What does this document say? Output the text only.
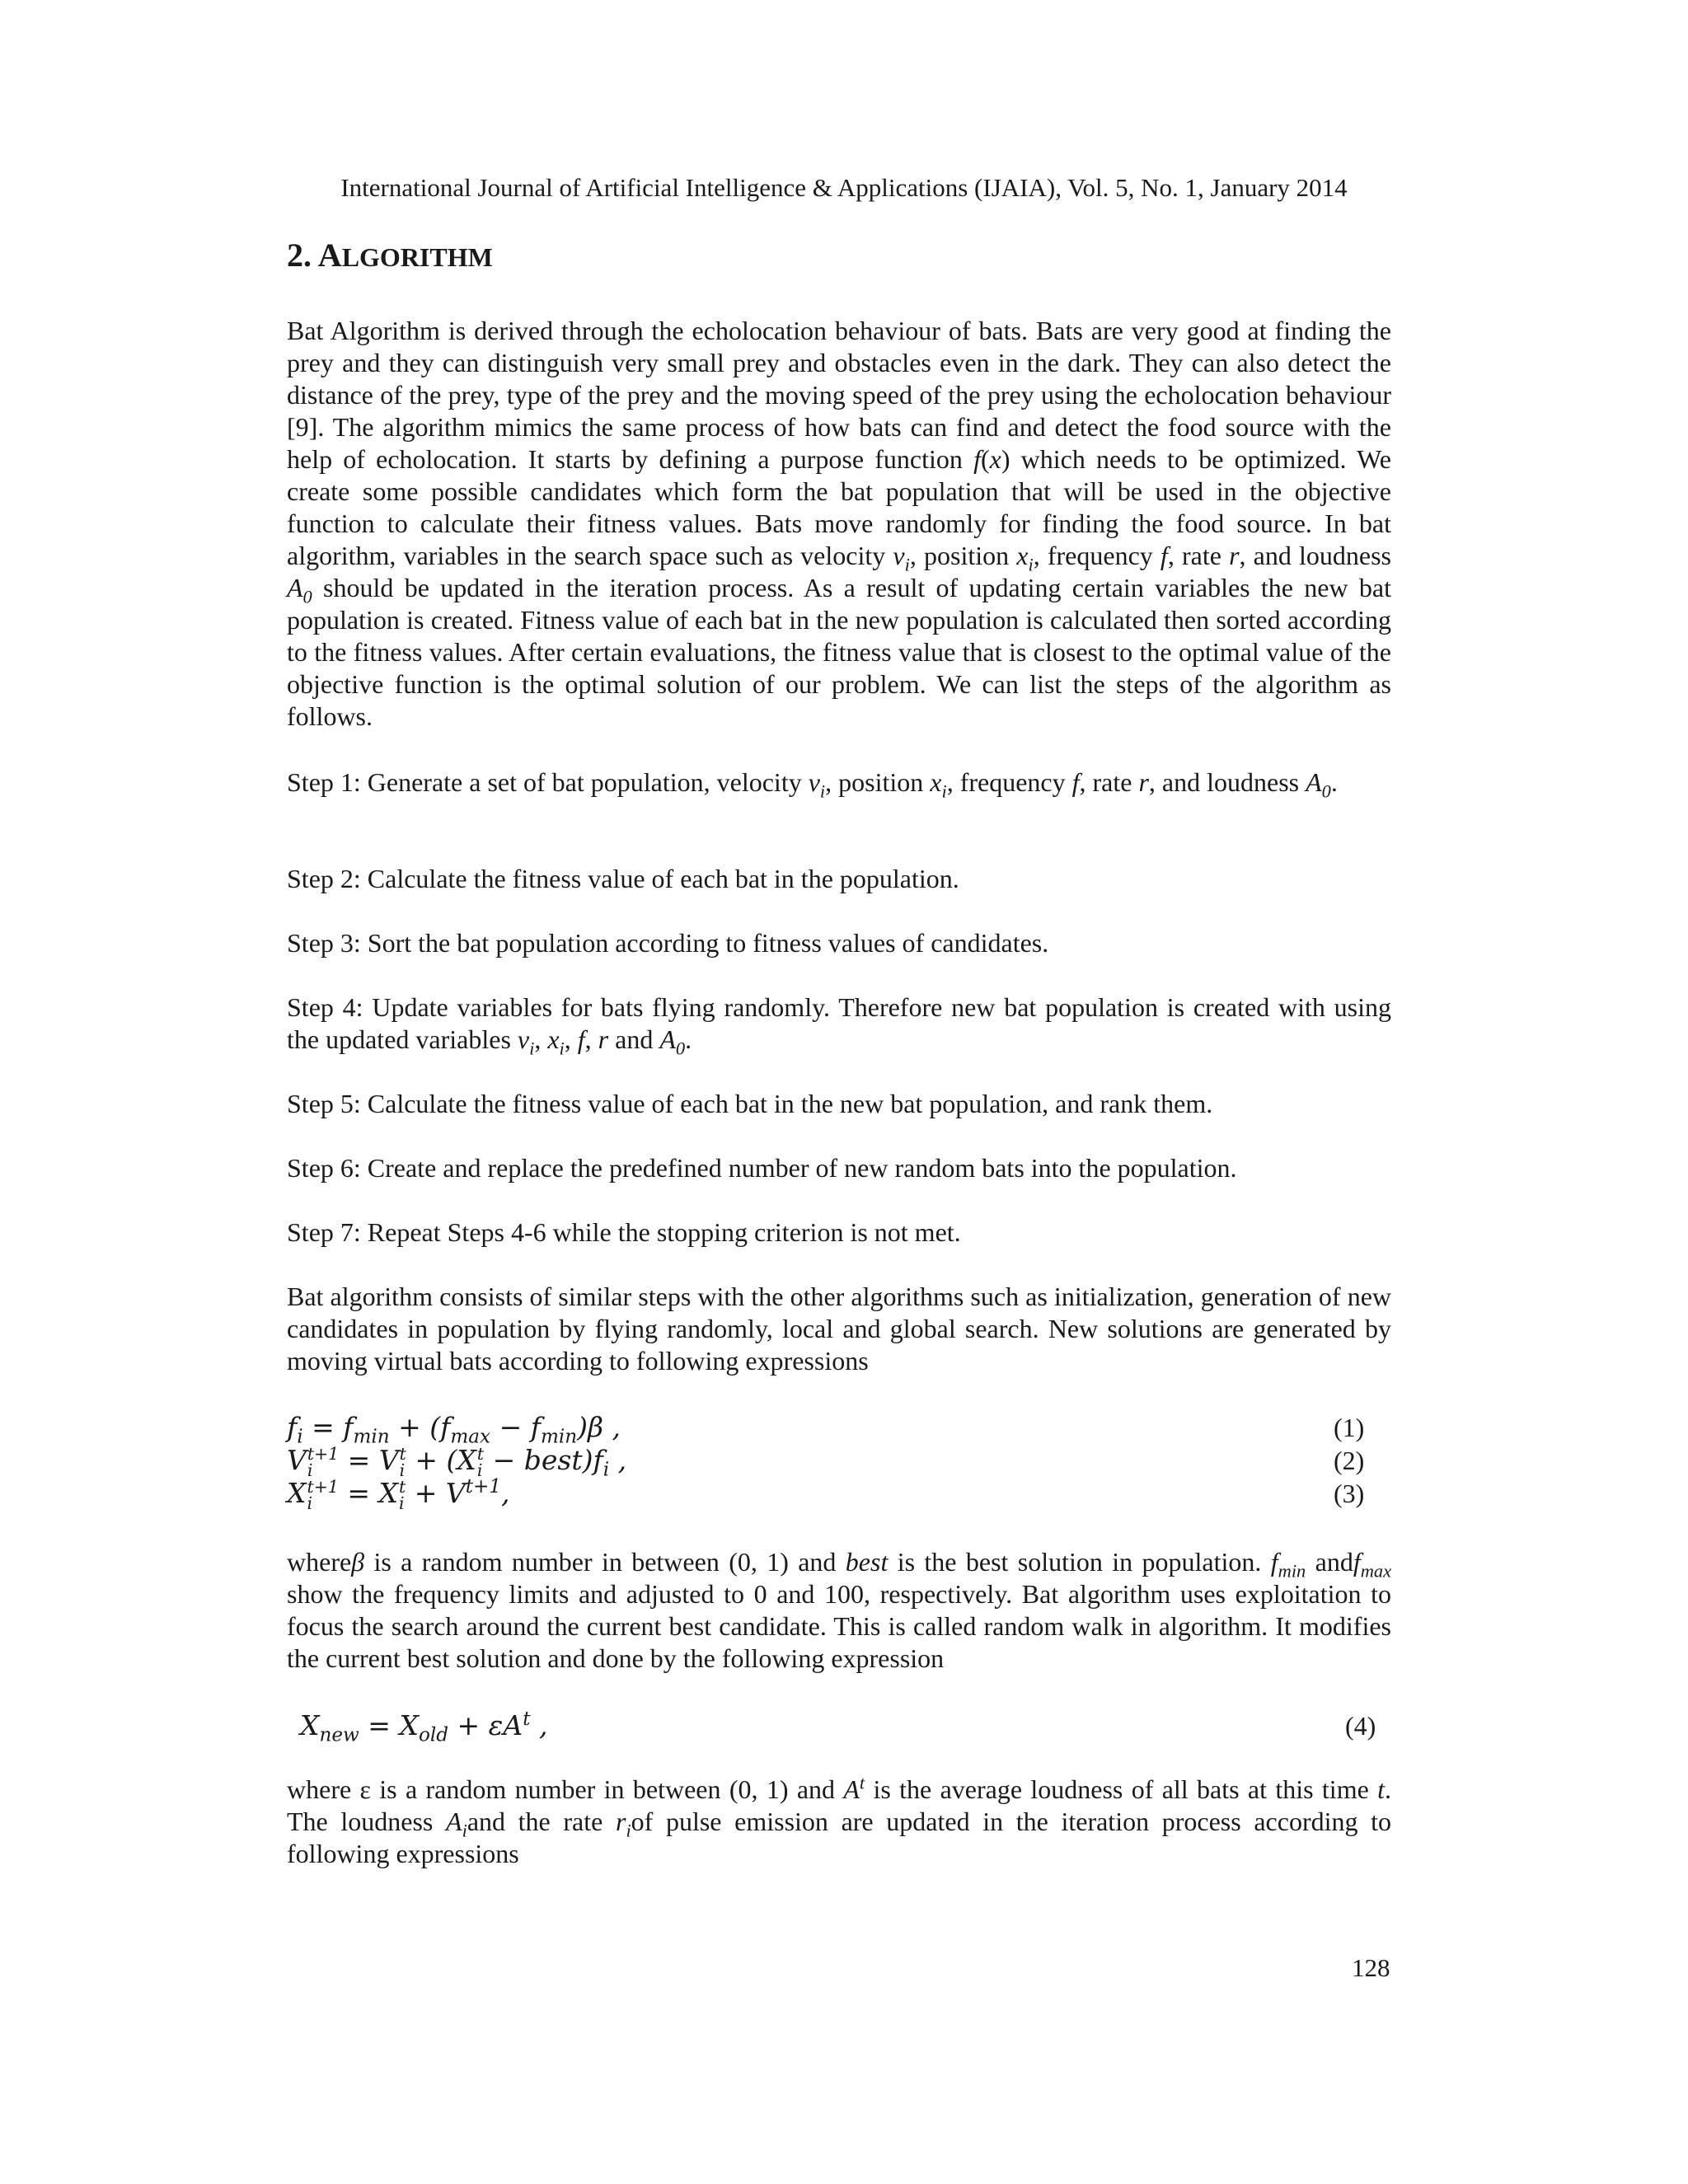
International Journal of Artificial Intelligence & Applications (IJAIA), Vol. 5, No. 1, January 2014
2. ALGORITHM

Bat Algorithm is derived through the echolocation behaviour of bats. Bats are very good at finding the prey and they can distinguish very small prey and obstacles even in the dark. They can also detect the distance of the prey, type of the prey and the moving speed of the prey using the echolocation behaviour [9]. The algorithm mimics the same process of how bats can find and detect the food source with the help of echolocation. It starts by defining a purpose function f(x) which needs to be optimized. We create some possible candidates which form the bat population that will be used in the objective function to calculate their fitness values. Bats move randomly for finding the food source. In bat algorithm, variables in the search space such as velocity $v_i$, position $x_i$, frequency f, rate r, and loudness $A_0$ should be updated in the iteration process. As a result of updating certain variables the new bat population is created. Fitness value of each bat in the new population is calculated then sorted according to the fitness values. After certain evaluations, the fitness value that is closest to the optimal value of the objective function is the optimal solution of our problem. We can list the steps of the algorithm as follows.

Step 1: Generate a set of bat population, velocity $v_i$, position $x_i$, frequency f, rate r, and loudness $A_0$.

Step 2: Calculate the fitness value of each bat in the population.

Step 3: Sort the bat population according to fitness values of candidates.

Step 4: Update variables for bats flying randomly. Therefore new bat population is created with using the updated variables $v_i$, $x_i$, f, r and $A_0$.

Step 5: Calculate the fitness value of each bat in the new bat population, and rank them.

Step 6: Create and replace the predefined number of new random bats into the population.

Step 7: Repeat Steps 4-6 while the stopping criterion is not met.

Bat algorithm consists of similar steps with the other algorithms such as initialization, generation of new candidates in population by flying randomly, local and global search. New solutions are generated by moving virtual bats according to following expressions

$f_i = f_{min} + (f_{max} - f_{min})\beta$ ,	(1)
V t+1
i = V t
i + (X t
$i - best)f_i$ ,	(2)
X t+1
i = X t
$i + V^{t+1}$,	(3)

whereβ is a random number in between (0, 1) and best is the best solution in population. $f_{min}$ andf$_{max}$ show the frequency limits and adjusted to 0 and 100, respectively. Bat algorithm uses exploitation to focus the search around the current best candidate. This is called random walk in algorithm. It modifies the current best solution and done by the following expression

$X_{new} = X_{old} + \varepsilon A^t$ ,	(4)

where ε is a random number in between (0, 1) and $A^t$ is the average loudness of all bats at this time t. The loudness $A_iand$ the rate $r_iof$ pulse emission are updated in the iteration process according to following expressions

128
